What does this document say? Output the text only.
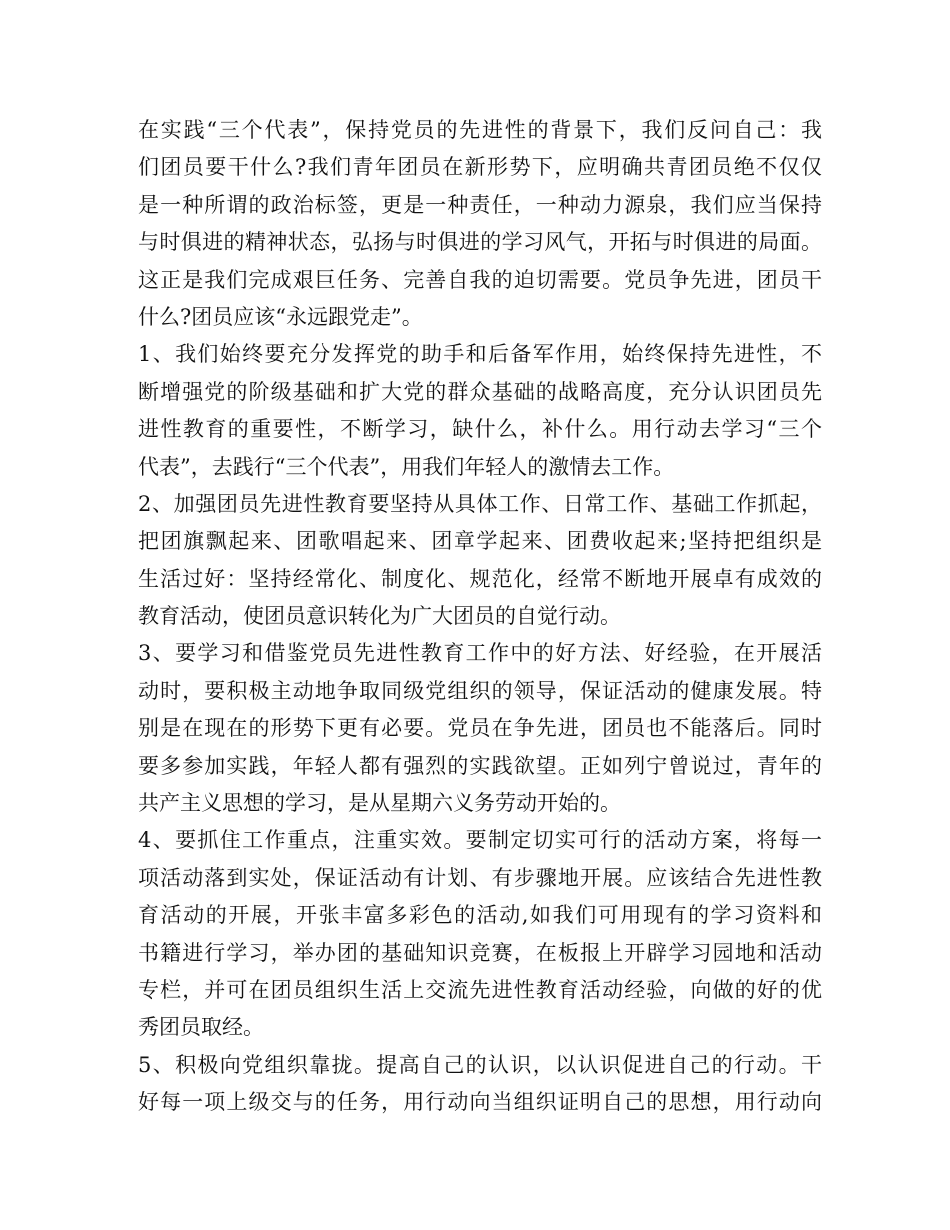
在实践“三个代表”，保持党员的先进性的背景下，我们反问自己：我
们团员要干什么?我们青年团员在新形势下，应明确共青团员绝不仅仅
是一种所谓的政治标签，更是一种责任，一种动力源泉，我们应当保持
与时俱进的精神状态，弘扬与时俱进的学习风气，开拓与时俱进的局面。
这正是我们完成艰巨任务、完善自我的迫切需要。党员争先进，团员干
什么?团员应该“永远跟党走”。
1、我们始终要充分发挥党的助手和后备军作用，始终保持先进性，不
断增强党的阶级基础和扩大党的群众基础的战略高度，充分认识团员先
进性教育的重要性，不断学习，缺什么，补什么。用行动去学习“三个
代表”，去践行“三个代表”，用我们年轻人的激情去工作。
2、加强团员先进性教育要坚持从具体工作、日常工作、基础工作抓起，
把团旗飘起来、团歌唱起来、团章学起来、团费收起来;坚持把组织是
生活过好：坚持经常化、制度化、规范化，经常不断地开展卓有成效的
教育活动，使团员意识转化为广大团员的自觉行动。
3、要学习和借鉴党员先进性教育工作中的好方法、好经验，在开展活
动时，要积极主动地争取同级党组织的领导，保证活动的健康发展。特
别是在现在的形势下更有必要。党员在争先进，团员也不能落后。同时
要多参加实践，年轻人都有强烈的实践欲望。正如列宁曾说过，青年的
共产主义思想的学习，是从星期六义务劳动开始的。
4、要抓住工作重点，注重实效。要制定切实可行的活动方案，将每一
项活动落到实处，保证活动有计划、有步骤地开展。应该结合先进性教
育活动的开展，开张丰富多彩色的活动,如我们可用现有的学习资料和
书籍进行学习，举办团的基础知识竞赛，在板报上开辟学习园地和活动
专栏，并可在团员组织生活上交流先进性教育活动经验，向做的好的优
秀团员取经。
5、积极向党组织靠拢。提高自己的认识，以认识促进自己的行动。干
好每一项上级交与的任务，用行动向当组织证明自己的思想，用行动向
